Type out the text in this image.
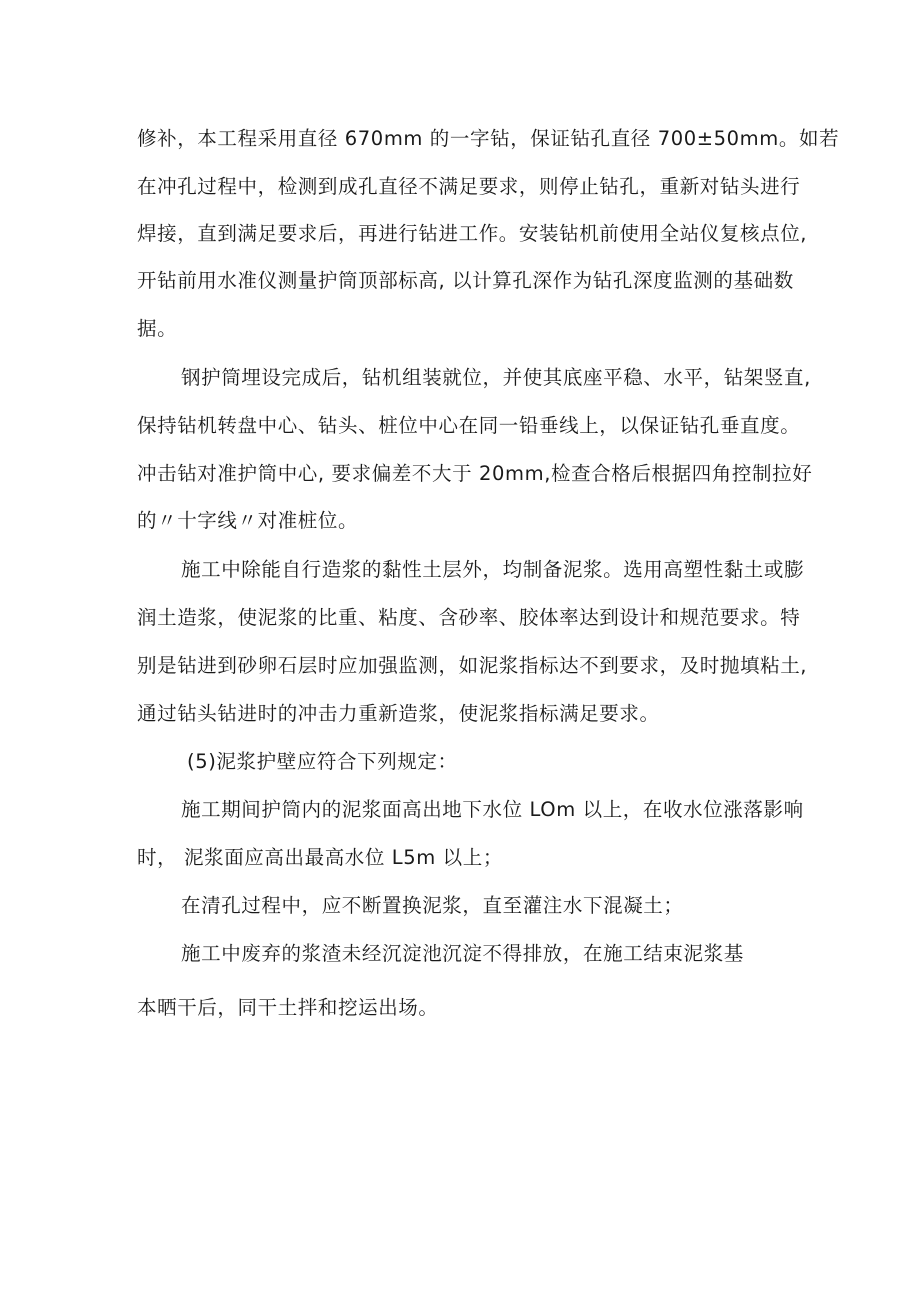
修补，本工程采用直径 670mm 的一字钻，保证钻孔直径 700±50mm。如若
在冲孔过程中，检测到成孔直径不满足要求，则停止钻孔，重新对钻头进行
焊接，直到满足要求后，再进行钻进工作。安装钻机前使用全站仪复核点位,
开钻前用水准仪测量护筒顶部标高, 以计算孔深作为钻孔深度监测的基础数
据。
钢护筒埋设完成后，钻机组装就位，并使其底座平稳、水平，钻架竖直,
保持钻机转盘中心、钻头、桩位中心在同一铅垂线上，以保证钻孔垂直度。
冲击钻对准护筒中心, 要求偏差不大于 20mm,检查合格后根据四角控制拉好
的〃十字线〃对准桩位。
施工中除能自行造浆的黏性土层外，均制备泥浆。选用高塑性黏土或膨
润土造浆，使泥浆的比重、粘度、含砂率、胶体率达到设计和规范要求。特
别是钻进到砂卵石层时应加强监测，如泥浆指标达不到要求，及时抛填粘土,
通过钻头钻进时的冲击力重新造浆，使泥浆指标满足要求。
(5)泥浆护壁应符合下列规定：
施工期间护筒内的泥浆面高出地下水位 LOm 以上，在收水位涨落影响
时， 泥浆面应高出最高水位 L5m 以上；
在清孔过程中，应不断置换泥浆，直至灌注水下混凝土；
施工中废弃的浆渣未经沉淀池沉淀不得排放，在施工结束泥浆基
本晒干后，同干土拌和挖运出场。
